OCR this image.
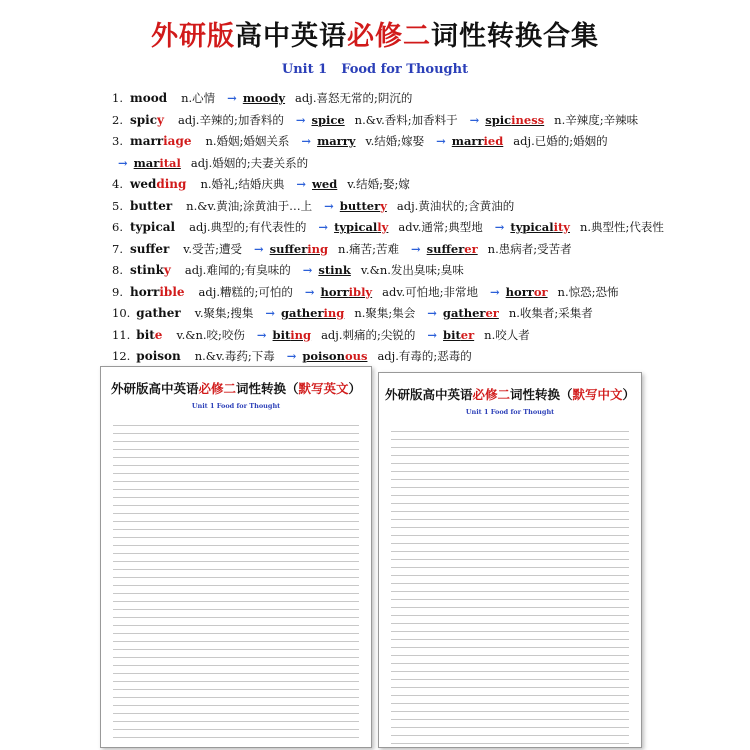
外研版高中英语必修二词性转换合集
Unit 1 Food for Thought
1. mood n.心情 → moody adj.喜怒无常的;阴沉的
2. spicy adj.辛辣的;加香料的 → spice n.&v.香料;加香料于 → spiciness n.辛辣度;辛辣味
3. marriage n.婚姻;婚姻关系 → marry v.结婚;嫁娶 → married adj.已婚的;婚姻的
→ marital adj.婚姻的;夫妻关系的
4. wedding n.婚礼;结婚庆典 → wed v.结婚;娶;嫁
5. butter n.&v.黄油;涂黄油于…上 → buttery adj.黄油状的;含黄油的
6. typical adj.典型的;有代表性的 → typically adv.通常;典型地 → typicality n.典型性;代表性
7. suffer v.受苦;遭受 → suffering n.痛苦;苦难 → sufferer n.患病者;受苦者
8. stinky adj.难闻的;有臭味的 → stink v.&n.发出臭味;臭味
9. horrible adj.糟糕的;可怕的 → horribly adv.可怕地;非常地 → horror n.惊恐;恐怖
10. gather v.聚集;搜集 → gathering n.聚集;集会 → gatherer n.收集者;采集者
11. bite v.&n.咬;咬伤 → biting adj.刺痛的;尖锐的 → biter n.咬人者
12. poison n.&v.毒药;下毒 → poisonous adj.有毒的;恶毒的
外研版高中英语必修二词性转换（默写英文）
Unit 1 Food for Thought
外研版高中英语必修二词性转换（默写中文）
Unit 1 Food for Thought
